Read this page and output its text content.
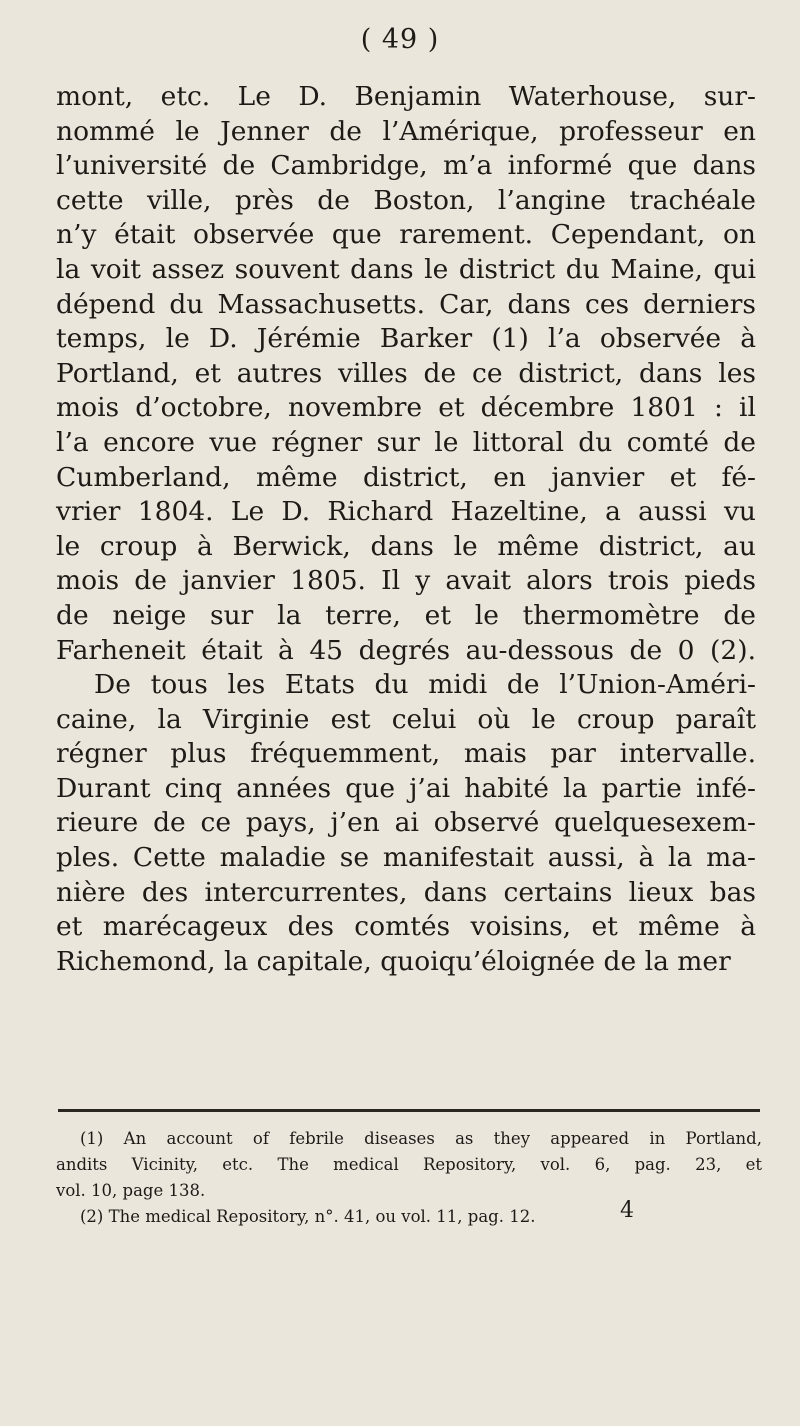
( 49 )

mont, etc. Le D. Benjamin Waterhouse, sur-
nommé le Jenner de l’Amérique, professeur en
l’université de Cambridge, m’a informé que dans
cette ville, près de Boston, l’angine trachéale
n’y était observée que rarement. Cependant, on
la voit assez souvent dans le district du Maine, qui
dépend du Massachusetts. Car, dans ces derniers
temps, le D. Jérémie Barker (1) l’a observée à
Portland, et autres villes de ce district, dans les
mois d’octobre, novembre et décembre 1801 : il
l’a encore vue régner sur le littoral du comté de
Cumberland, même district, en janvier et fé-
vrier 1804. Le D. Richard Hazeltine, a aussi vu
le croup à Berwick, dans le même district, au
mois de janvier 1805. Il y avait alors trois pieds
de neige sur la terre, et le thermomètre de
Farheneit était à 45 degrés au-dessous de 0 (2).
De tous les Etats du midi de l’Union-Améri-
caine, la Virginie est celui où le croup paraît
régner plus fréquemment, mais par intervalle.
Durant cinq années que j’ai habité la partie infé-
rieure de ce pays, j’en ai observé quelquesexem-
ples. Cette maladie se manifestait aussi, à la ma-
nière des intercurrentes, dans certains lieux bas
et marécageux des comtés voisins, et même à
Richemond, la capitale, quoiqu’éloignée de la mer

(1) An account of febrile diseases as they appeared in Portland,
andits Vicinity, etc. The medical Repository, vol. 6, pag. 23, et
vol. 10, page 138.
(2) The medical Repository, n°. 41, ou vol. 11, pag. 12.	4
